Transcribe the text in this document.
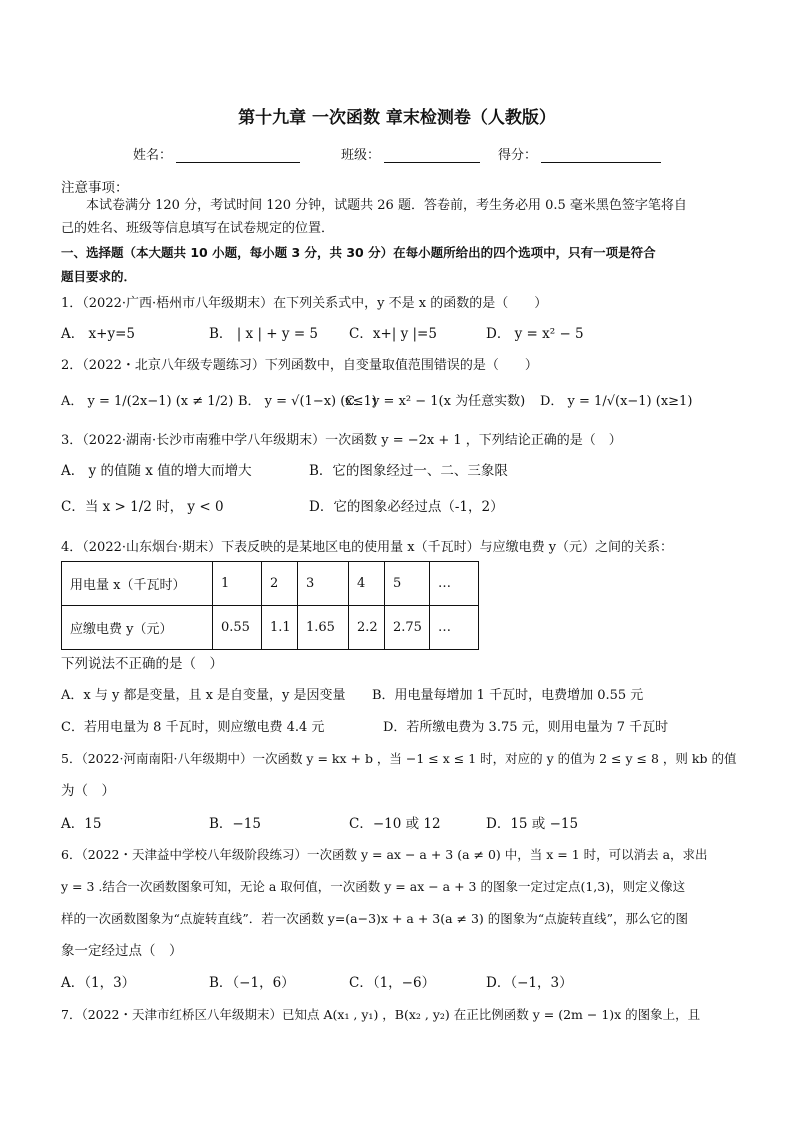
第十九章 一次函数 章末检测卷（人教版）
姓名：	班级：	得分：
注意事项：
本试卷满分 120 分，考试时间 120 分钟，试题共 26 题．答卷前，考生务必用 0.5 毫米黑色签字笔将自
己的姓名、班级等信息填写在试卷规定的位置．
一、选择题（本大题共 10 小题，每小题 3 分，共 30 分）在每小题所给出的四个选项中，只有一项是符合
题目要求的．
1．（2022·广西·梧州市八年级期末）在下列关系式中，y 不是 x 的函数的是（　　）
A． x+y=5	B． | x | + y = 5 C．x+| y |=5	D． y = x² − 5
2．（2022・北京八年级专题练习）下列函数中，自变量取值范围错误的是（　　）
A． y = 1/(2x−1) (x ≠ 1/2) B． y = √(1−x) (x≤1)
C． y = x² − 1(x 为任意实数) D． y = 1/√(x−1) (x≥1)
3．（2022·湖南·长沙市南雅中学八年级期末）一次函数 y = −2x + 1 ，下列结论正确的是（　）
A． y 的值随 x 值的增大而增大	B．它的图象经过一、二、三象限
C．当 x > 1/2 时， y < 0	D．它的图象必经过点（-1，2）
4．（2022·山东烟台·期末）下表反映的是某地区电的使用量 x（千瓦时）与应缴电费 y（元）之间的关系：
用电量 x（千瓦时）	1	2	3	4	5	…
应缴电费 y（元）	0.55	1.1	1.65	2.2	2.75	…
下列说法不正确的是（　）
A．x 与 y 都是变量，且 x 是自变量，y 是因变量 B．用电量每增加 1 千瓦时，电费增加 0.55 元
C．若用电量为 8 千瓦时，则应缴电费 4.4 元	D．若所缴电费为 3.75 元，则用电量为 7 千瓦时
5．（2022·河南南阳·八年级期中）一次函数 y = kx + b ，当 −1 ≤ x ≤ 1 时，对应的 y 的值为 2 ≤ y ≤ 8 ，则 kb 的值
为（　）
A．15	B．−15	C．−10 或 12	D．15 或 −15
6．（2022・天津益中学校八年级阶段练习）一次函数 y = ax − a + 3 (a ≠ 0) 中，当 x = 1 时，可以消去 a，求出
y = 3 .结合一次函数图象可知，无论 a 取何值，一次函数 y = ax − a + 3 的图象一定过定点(1,3)，则定义像这
样的一次函数图象为“点旋转直线”．若一次函数 y=(a−3)x + a + 3(a ≠ 3) 的图象为“点旋转直线”，那么它的图
象一定经过点（　）
A．（1，3）	B．（−1，6）	C．（1，−6）	D．（−1，3）
7．（2022・天津市红桥区八年级期末）已知点 A(x₁ , y₁) ，B(x₂ , y₂) 在正比例函数 y = (2m − 1)x 的图象上，且
